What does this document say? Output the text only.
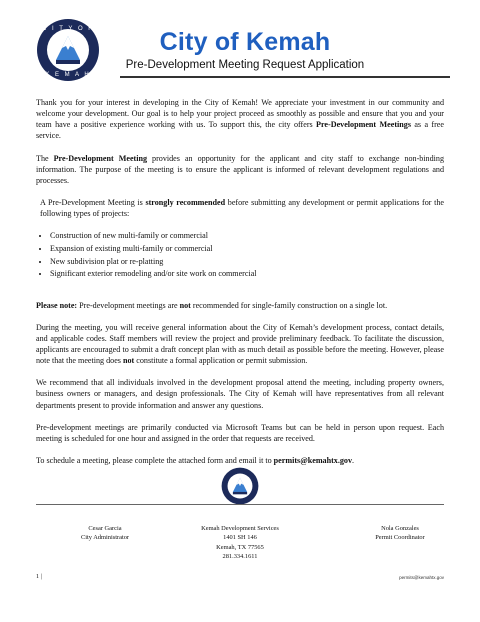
C I T Y O F
K E M A H
City of Kemah
Pre-Development Meeting Request Application

Thank you for your interest in developing in the City of Kemah! We appreciate your investment in our community and welcome your development. Our goal is to help your project proceed as smoothly as possible and ensure that you and your team have a positive experience working with us. To support this, the city offers Pre-Development Meetings as a free service.

The Pre-Development Meeting provides an opportunity for the applicant and city staff to exchange non-binding information. The purpose of the meeting is to ensure the applicant is informed of relevant development regulations and processes.

A Pre-Development Meeting is strongly recommended before submitting any development or permit applications for the following types of projects:

• Construction of new multi-family or commercial
• Expansion of existing multi-family or commercial
• New subdivision plat or re-platting
• Significant exterior remodeling and/or site work on commercial

Please note: Pre-development meetings are not recommended for single-family construction on a single lot.

During the meeting, you will receive general information about the City of Kemah’s development process, contact details, and applicable codes. Staff members will review the project and provide preliminary feedback. To facilitate the discussion, applicants are encouraged to submit a draft concept plan with as much detail as possible before the meeting. However, please note that the meeting does not constitute a formal application or permit submission.

We recommend that all individuals involved in the development proposal attend the meeting, including property owners, business owners or managers, and design professionals. The City of Kemah will have representatives from all relevant departments present to provide information and answer any questions.

Pre-development meetings are primarily conducted via Microsoft Teams but can be held in person upon request. Each meeting is scheduled for one hour and assigned in the order that requests are received.

To schedule a meeting, please complete the attached form and email it to permits@kemahtx.gov.

Cesar Garcia
City Administrator
Kemah Development Services
1401 SH 146
Kemah, TX 77565
281.334.1611
Nola Gonzales
Permit Coordinator
1 |	permits@kemahtx.gov
